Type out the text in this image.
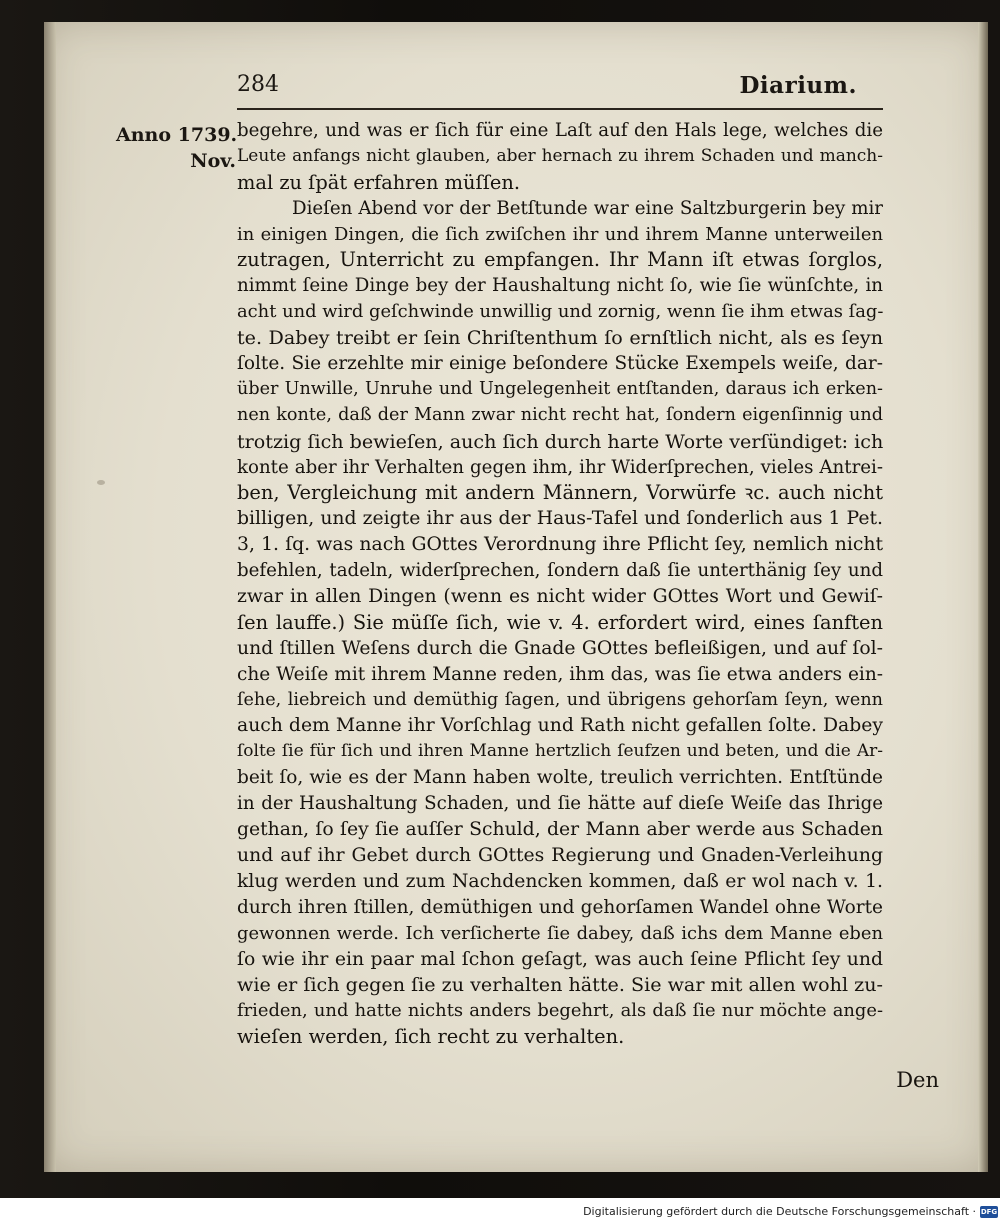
284	Diarium.
Anno 1739.
Nov.
begehre, und was er ſich für eine Laſt auf den Hals lege, welches die
Leute anfangs nicht glauben, aber hernach zu ihrem Schaden und manch-
mal zu ſpät erfahren müſſen.
Dieſen Abend vor der Betſtunde war eine Saltzburgerin bey mir
in einigen Dingen, die ſich zwiſchen ihr und ihrem Manne unterweilen
zutragen, Unterricht zu empfangen. Ihr Mann iſt etwas ſorglos,
nimmt ſeine Dinge bey der Haushaltung nicht ſo, wie ſie wünſchte, in
acht und wird geſchwinde unwillig und zornig, wenn ſie ihm etwas ſag-
te. Dabey treibt er ſein Chriſtenthum ſo ernſtlich nicht, als es ſeyn
ſolte. Sie erzehlte mir einige beſondere Stücke Exempels weiſe, dar-
über Unwille, Unruhe und Ungelegenheit entſtanden, daraus ich erken-
nen konte, daß der Mann zwar nicht recht hat, ſondern eigenſinnig und
trotzig ſich bewieſen, auch ſich durch harte Worte verſündiget: ich
konte aber ihr Verhalten gegen ihm, ihr Widerſprechen, vieles Antrei-
ben, Vergleichung mit andern Männern, Vorwürfe ꝛc. auch nicht
billigen, und zeigte ihr aus der Haus-Tafel und ſonderlich aus 1 Pet.
3, 1. ſq. was nach GOttes Verordnung ihre Pflicht ſey, nemlich nicht
befehlen, tadeln, widerſprechen, ſondern daß ſie unterthänig ſey und
zwar in allen Dingen (wenn es nicht wider GOttes Wort und Gewiſ-
ſen lauffe.) Sie müſſe ſich, wie v. 4. erfordert wird, eines ſanften
und ſtillen Weſens durch die Gnade GOttes befleißigen, und auf ſol-
che Weiſe mit ihrem Manne reden, ihm das, was ſie etwa anders ein-
ſehe, liebreich und demüthig ſagen, und übrigens gehorſam ſeyn, wenn
auch dem Manne ihr Vorſchlag und Rath nicht gefallen ſolte. Dabey
ſolte ſie für ſich und ihren Manne hertzlich ſeufzen und beten, und die Ar-
beit ſo, wie es der Mann haben wolte, treulich verrichten. Entſtünde
in der Haushaltung Schaden, und ſie hätte auf dieſe Weiſe das Ihrige
gethan, ſo ſey ſie auſſer Schuld, der Mann aber werde aus Schaden
und auf ihr Gebet durch GOttes Regierung und Gnaden-Verleihung
klug werden und zum Nachdencken kommen, daß er wol nach v. 1.
durch ihren ſtillen, demüthigen und gehorſamen Wandel ohne Worte
gewonnen werde. Ich verſicherte ſie dabey, daß ichs dem Manne eben
ſo wie ihr ein paar mal ſchon geſagt, was auch ſeine Pflicht ſey und
wie er ſich gegen ſie zu verhalten hätte. Sie war mit allen wohl zu-
frieden, und hatte nichts anders begehrt, als daß ſie nur möchte ange-
wieſen werden, ſich recht zu verhalten.
Den
Digitalisierung gefördert durch die Deutsche Forschungsgemeinschaft · DFG
